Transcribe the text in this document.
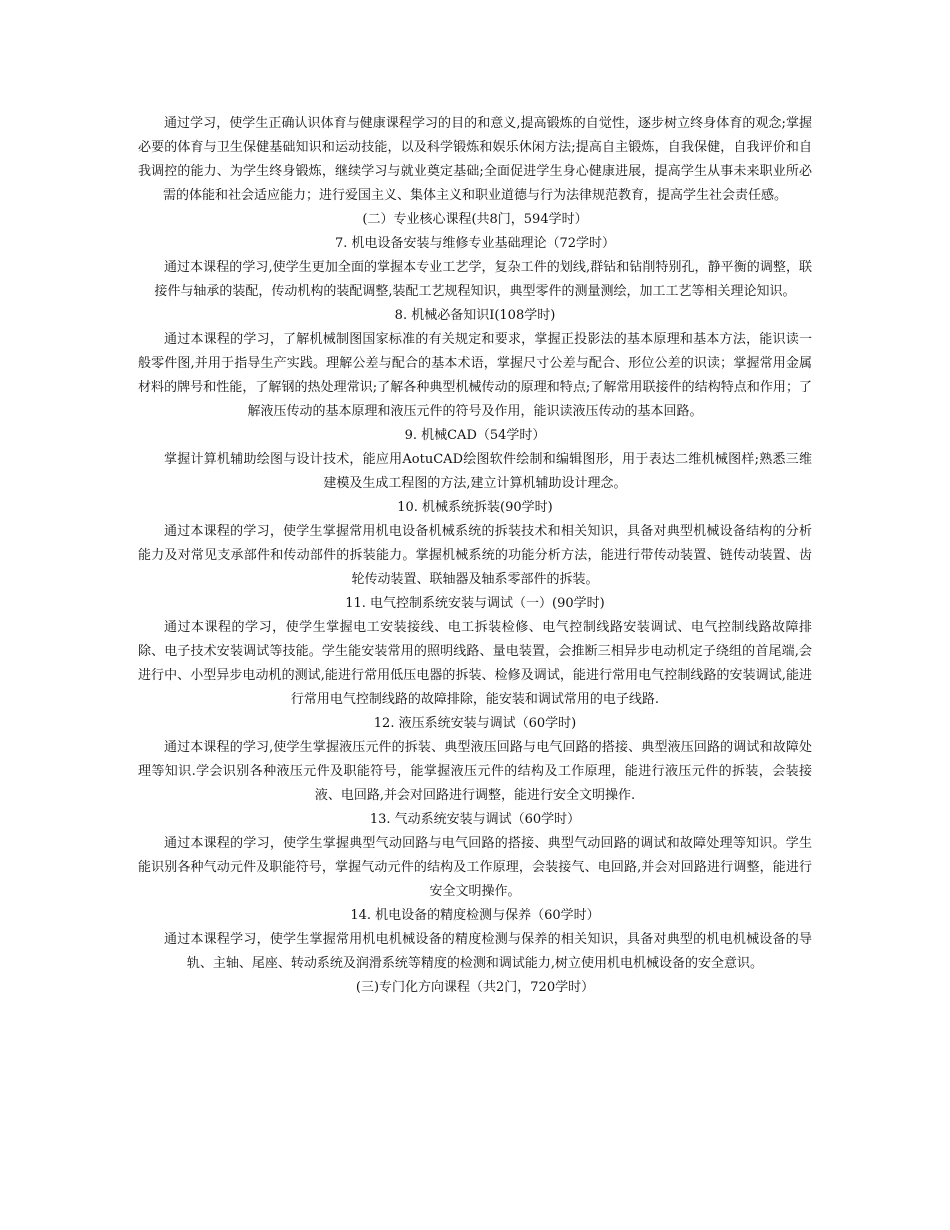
通过学习，使学生正确认识体育与健康课程学习的目的和意义,提高锻炼的自觉性，逐步树立终身体育的观念;掌握必要的体育与卫生保健基础知识和运动技能，以及科学锻炼和娱乐休闲方法;提高自主锻炼，自我保健，自我评价和自我调控的能力、为学生终身锻炼，继续学习与就业奠定基础;全面促进学生身心健康进展，提高学生从事未来职业所必需的体能和社会适应能力；进行爱国主义、集体主义和职业道德与行为法律规范教育，提高学生社会责任感。

(二）专业核心课程(共8门，594学时）

7. 机电设备安装与维修专业基础理论（72学时）

通过本课程的学习,使学生更加全面的掌握本专业工艺学，复杂工件的划线,群钻和钻削特别孔，静平衡的调整，联接件与轴承的装配，传动机构的装配调整,装配工艺规程知识，典型零件的测量测绘，加工工艺等相关理论知识。

8. 机械必备知识Ⅰ(108学时)

通过本课程的学习，了解机械制图国家标准的有关规定和要求，掌握正投影法的基本原理和基本方法，能识读一般零件图,并用于指导生产实践。理解公差与配合的基本术语，掌握尺寸公差与配合、形位公差的识读；掌握常用金属材料的牌号和性能，了解钢的热处理常识;了解各种典型机械传动的原理和特点;了解常用联接件的结构特点和作用；了解液压传动的基本原理和液压元件的符号及作用，能识读液压传动的基本回路。

9. 机械CAD（54学时）

掌握计算机辅助绘图与设计技术，能应用AotuCAD绘图软件绘制和编辑图形，用于表达二维机械图样;熟悉三维建模及生成工程图的方法,建立计算机辅助设计理念。

10. 机械系统拆装(90学时)

通过本课程的学习，使学生掌握常用机电设备机械系统的拆装技术和相关知识，具备对典型机械设备结构的分析能力及对常见支承部件和传动部件的拆装能力。掌握机械系统的功能分析方法，能进行带传动装置、链传动装置、齿轮传动装置、联轴器及轴系零部件的拆装。

11. 电气控制系统安装与调试（一）(90学时)

通过本课程的学习，使学生掌握电工安装接线、电工拆装检修、电气控制线路安装调试、电气控制线路故障排除、电子技术安装调试等技能。学生能安装常用的照明线路、量电装置，会推断三相异步电动机定子绕组的首尾端,会进行中、小型异步电动机的测试,能进行常用低压电器的拆装、检修及调试，能进行常用电气控制线路的安装调试,能进行常用电气控制线路的故障排除，能安装和调试常用的电子线路.

12. 液压系统安装与调试（60学时)

通过本课程的学习,使学生掌握液压元件的拆装、典型液压回路与电气回路的搭接、典型液压回路的调试和故障处理等知识.学会识别各种液压元件及职能符号，能掌握液压元件的结构及工作原理，能进行液压元件的拆装，会装接液、电回路,并会对回路进行调整，能进行安全文明操作.

13. 气动系统安装与调试（60学时）

通过本课程的学习，使学生掌握典型气动回路与电气回路的搭接、典型气动回路的调试和故障处理等知识。学生能识别各种气动元件及职能符号，掌握气动元件的结构及工作原理，会装接气、电回路,并会对回路进行调整，能进行安全文明操作。

14. 机电设备的精度检测与保养（60学时）

通过本课程学习，使学生掌握常用机电机械设备的精度检测与保养的相关知识，具备对典型的机电机械设备的导轨、主轴、尾座、转动系统及润滑系统等精度的检测和调试能力,树立使用机电机械设备的安全意识。

(三)专门化方向课程（共2门，720学时）
